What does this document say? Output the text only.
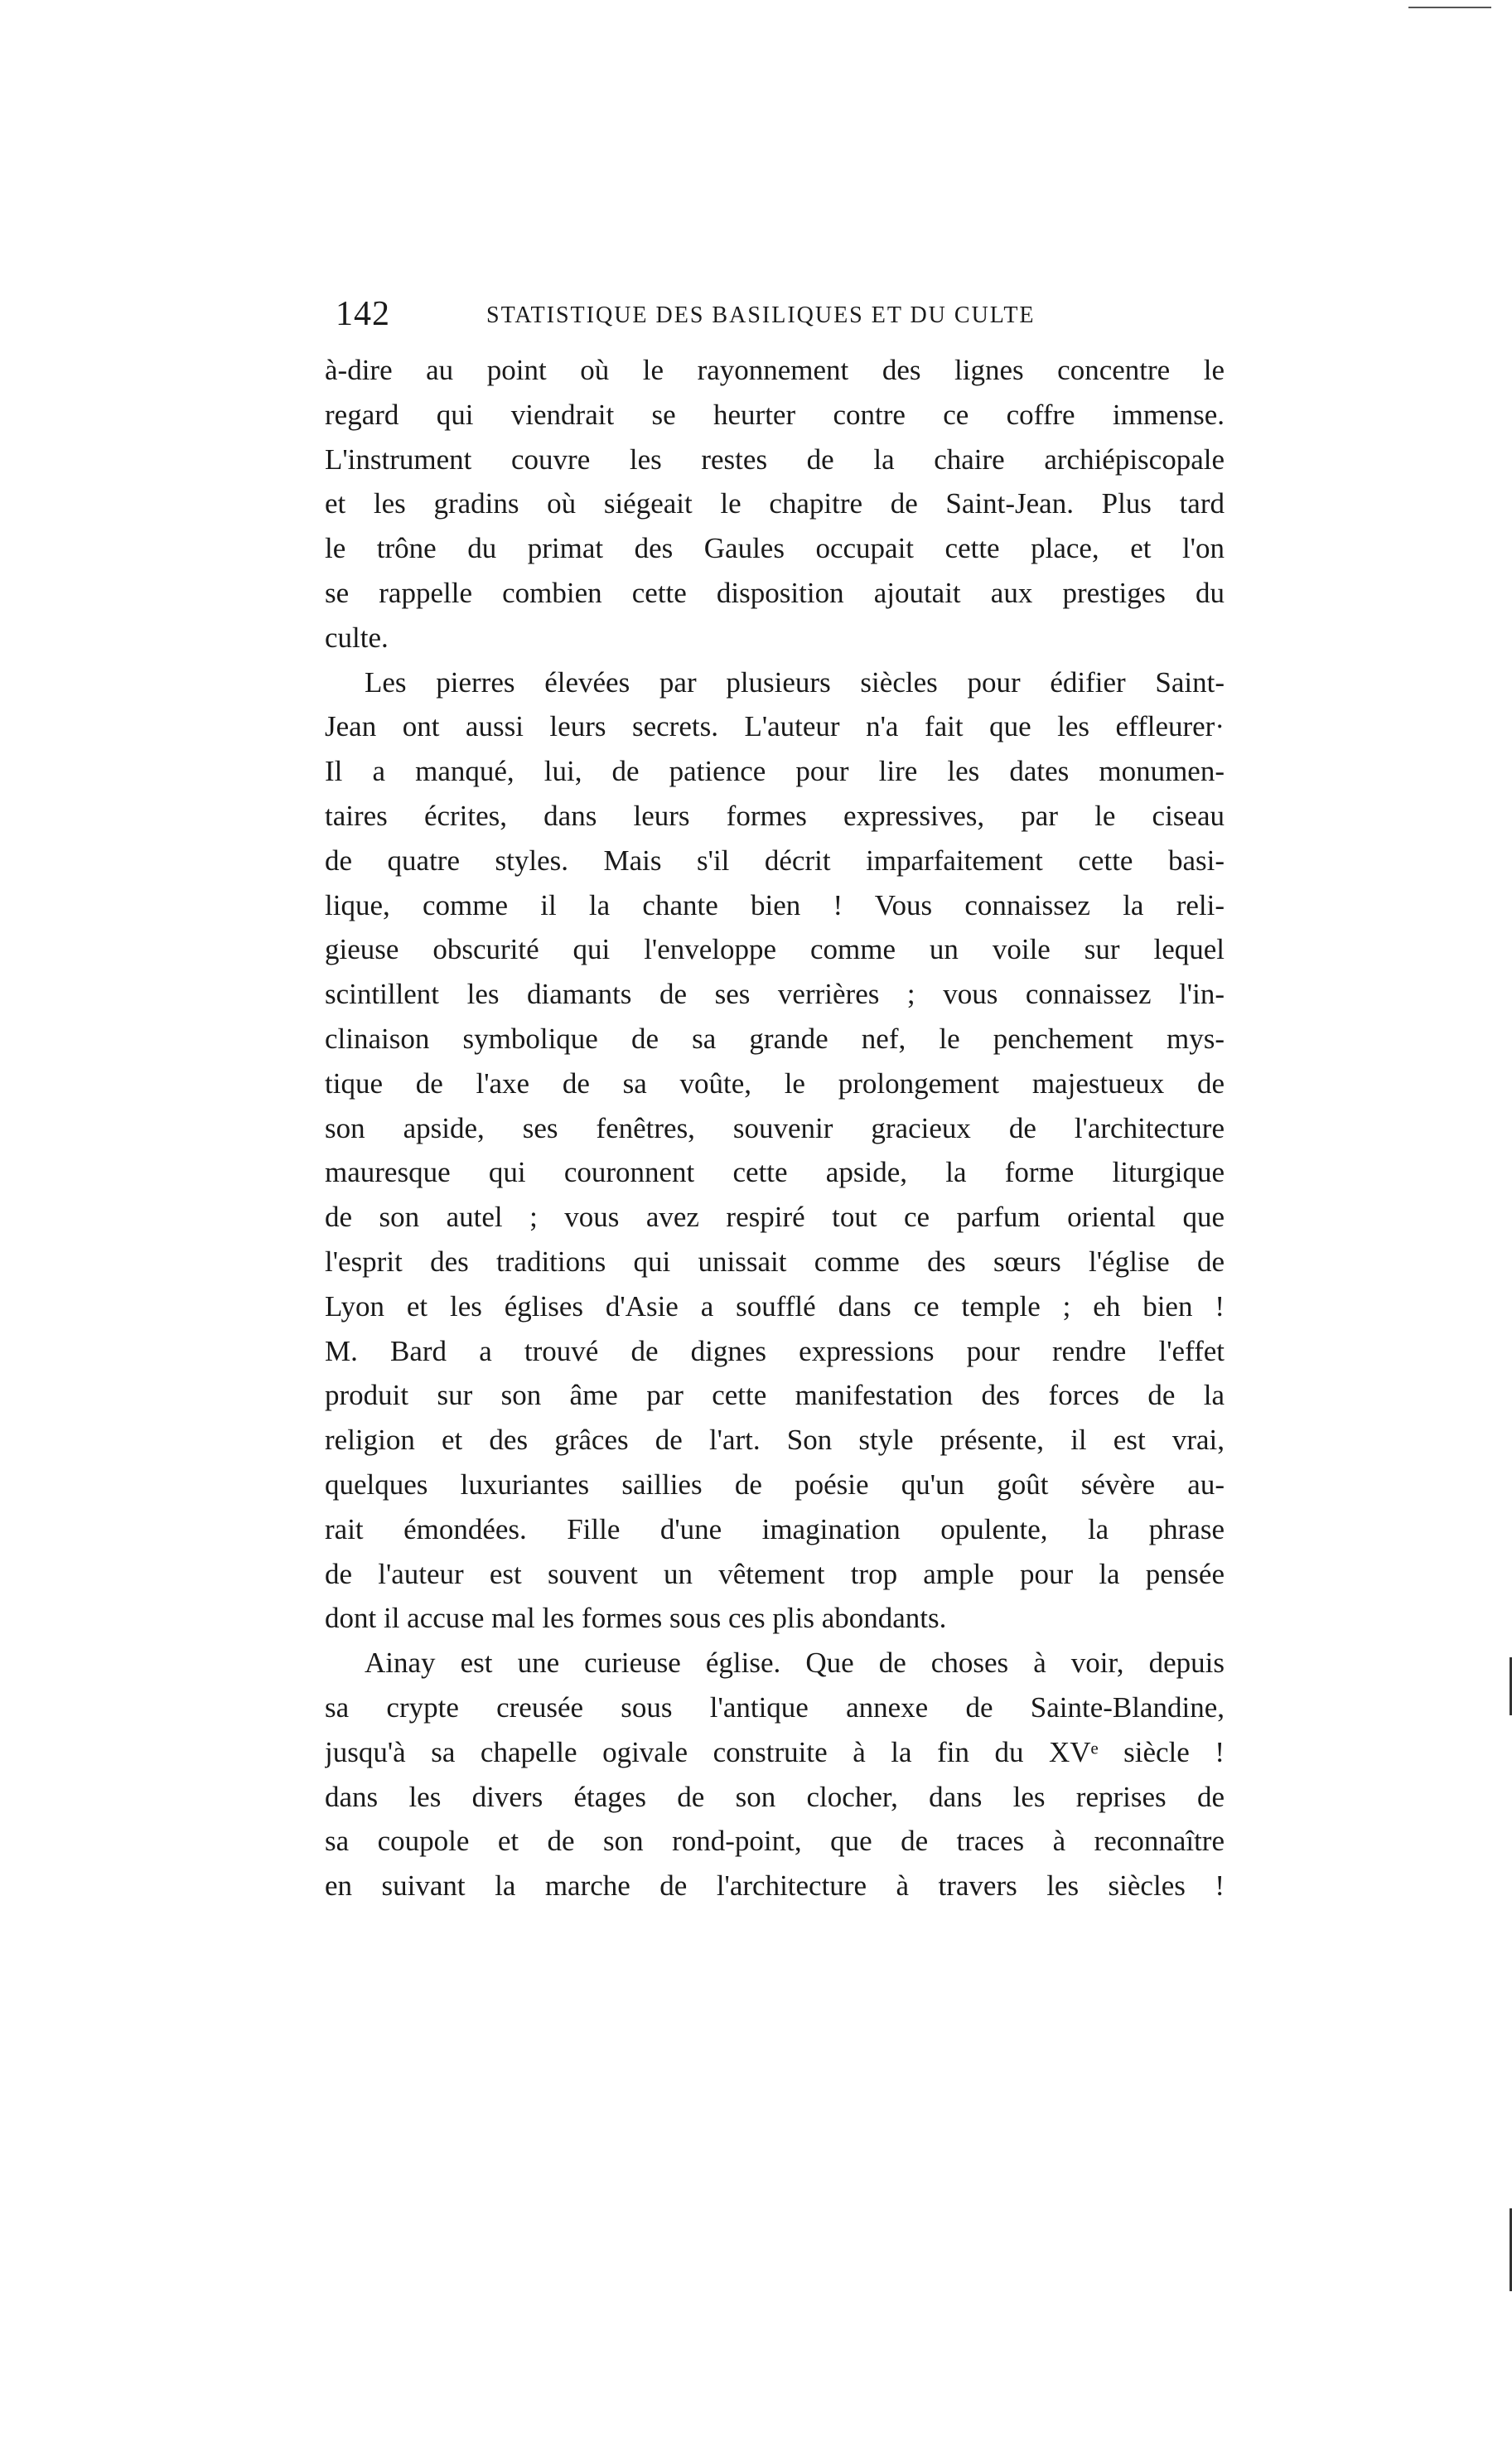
142	STATISTIQUE DES BASILIQUES ET DU CULTE
à-dire au point où le rayonnement des lignes concentre le
regard qui viendrait se heurter contre ce coffre immense.
L'instrument couvre les restes de la chaire archiépiscopale
et les gradins où siégeait le chapitre de Saint-Jean. Plus tard
le trône du primat des Gaules occupait cette place, et l'on
se rappelle combien cette disposition ajoutait aux prestiges du
culte.
Les pierres élevées par plusieurs siècles pour édifier Saint-
Jean ont aussi leurs secrets. L'auteur n'a fait que les effleurer·
Il a manqué, lui, de patience pour lire les dates monumen-
taires écrites, dans leurs formes expressives, par le ciseau
de quatre styles. Mais s'il décrit imparfaitement cette basi-
lique, comme il la chante bien ! Vous connaissez la reli-
gieuse obscurité qui l'enveloppe comme un voile sur lequel
scintillent les diamants de ses verrières ; vous connaissez l'in-
clinaison symbolique de sa grande nef, le penchement mys-
tique de l'axe de sa voûte, le prolongement majestueux de
son apside, ses fenêtres, souvenir gracieux de l'architecture
mauresque qui couronnent cette apside, la forme liturgique
de son autel ; vous avez respiré tout ce parfum oriental que
l'esprit des traditions qui unissait comme des sœurs l'église de
Lyon et les églises d'Asie a soufflé dans ce temple ; eh bien !
M. Bard a trouvé de dignes expressions pour rendre l'effet
produit sur son âme par cette manifestation des forces de la
religion et des grâces de l'art. Son style présente, il est vrai,
quelques luxuriantes saillies de poésie qu'un goût sévère au-
rait émondées. Fille d'une imagination opulente, la phrase
de l'auteur est souvent un vêtement trop ample pour la pensée
dont il accuse mal les formes sous ces plis abondants.
Ainay est une curieuse église. Que de choses à voir, depuis
sa crypte creusée sous l'antique annexe de Sainte-Blandine,
jusqu'à sa chapelle ogivale construite à la fin du XVᵉ siècle !
dans les divers étages de son clocher, dans les reprises de
sa coupole et de son rond-point, que de traces à reconnaître
en suivant la marche de l'architecture à travers les siècles !
